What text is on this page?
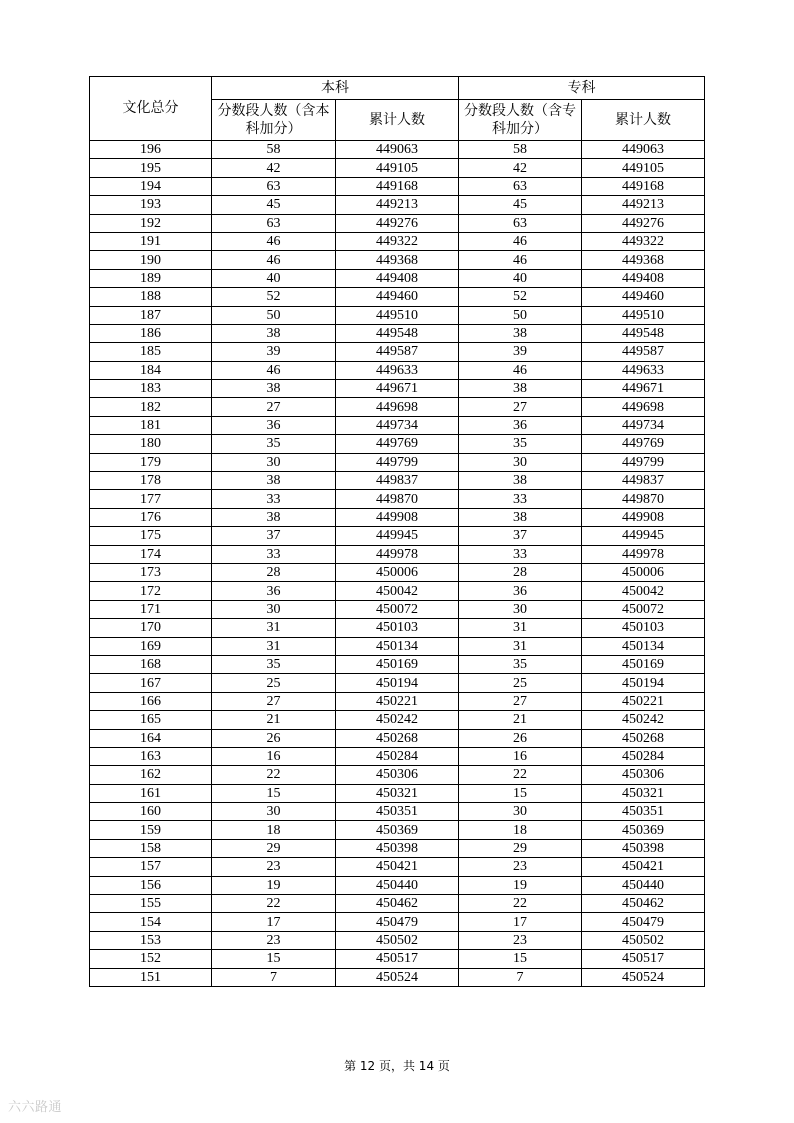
文化总分	本科		专科	
	分数段人数（含本科加分）	累计人数	分数段人数（含专科加分）	累计人数
196	58	449063	58	449063
195	42	449105	42	449105
194	63	449168	63	449168
193	45	449213	45	449213
192	63	449276	63	449276
191	46	449322	46	449322
190	46	449368	46	449368
189	40	449408	40	449408
188	52	449460	52	449460
187	50	449510	50	449510
186	38	449548	38	449548
185	39	449587	39	449587
184	46	449633	46	449633
183	38	449671	38	449671
182	27	449698	27	449698
181	36	449734	36	449734
180	35	449769	35	449769
179	30	449799	30	449799
178	38	449837	38	449837
177	33	449870	33	449870
176	38	449908	38	449908
175	37	449945	37	449945
174	33	449978	33	449978
173	28	450006	28	450006
172	36	450042	36	450042
171	30	450072	30	450072
170	31	450103	31	450103
169	31	450134	31	450134
168	35	450169	35	450169
167	25	450194	25	450194
166	27	450221	27	450221
165	21	450242	21	450242
164	26	450268	26	450268
163	16	450284	16	450284
162	22	450306	22	450306
161	15	450321	15	450321
160	30	450351	30	450351
159	18	450369	18	450369
158	29	450398	29	450398
157	23	450421	23	450421
156	19	450440	19	450440
155	22	450462	22	450462
154	17	450479	17	450479
153	23	450502	23	450502
152	15	450517	15	450517
151	7	450524	7	450524
第 12 页，共 14 页
六六路通
